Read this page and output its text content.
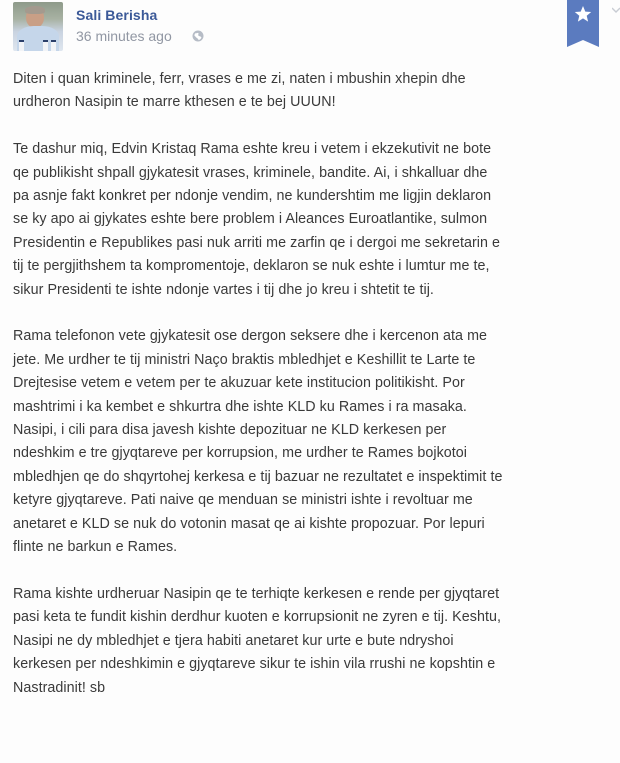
Sali Berisha
36 minutes ago
Diten i quan kriminele, ferr, vrases e me zi, naten i mbushin xhepin dhe
urdheron Nasipin te marre kthesen e te bej UUUN!
Te dashur miq, Edvin Kristaq Rama eshte kreu i vetem i ekzekutivit ne bote
qe publikisht shpall gjykatesit vrases, kriminele, bandite. Ai, i shkalluar dhe
pa asnje fakt konkret per ndonje vendim, ne kundershtim me ligjin deklaron
se ky apo ai gjykates eshte bere problem i Aleances Euroatlantike, sulmon
Presidentin e Republikes pasi nuk arriti me zarfin qe i dergoi me sekretarin e
tij te pergjithshem ta kompromentoje, deklaron se nuk eshte i lumtur me te,
sikur Presidenti te ishte ndonje vartes i tij dhe jo kreu i shtetit te tij.
Rama telefonon vete gjykatesit ose dergon seksere dhe i kercenon ata me
jete. Me urdher te tij ministri Naço braktis mbledhjet e Keshillit te Larte te
Drejtesise vetem e vetem per te akuzuar kete institucion politikisht. Por
mashtrimi i ka kembet e shkurtra dhe ishte KLD ku Rames i ra masaka.
Nasipi, i cili para disa javesh kishte depozituar ne KLD kerkesen per
ndeshkim e tre gjyqtareve per korrupsion, me urdher te Rames bojkotoi
mbledhjen qe do shqyrtohej kerkesa e tij bazuar ne rezultatet e inspektimit te
ketyre gjyqtareve. Pati naive qe menduan se ministri ishte i revoltuar me
anetaret e KLD se nuk do votonin masat qe ai kishte propozuar. Por lepuri
flinte ne barkun e Rames.
Rama kishte urdheruar Nasipin qe te terhiqte kerkesen e rende per gjyqtaret
pasi keta te fundit kishin derdhur kuoten e korrupsionit ne zyren e tij. Keshtu,
Nasipi ne dy mbledhjet e tjera habiti anetaret kur urte e bute ndryshoi
kerkesen per ndeshkimin e gjyqtareve sikur te ishin vila rrushi ne kopshtin e
Nastradinit! sb
